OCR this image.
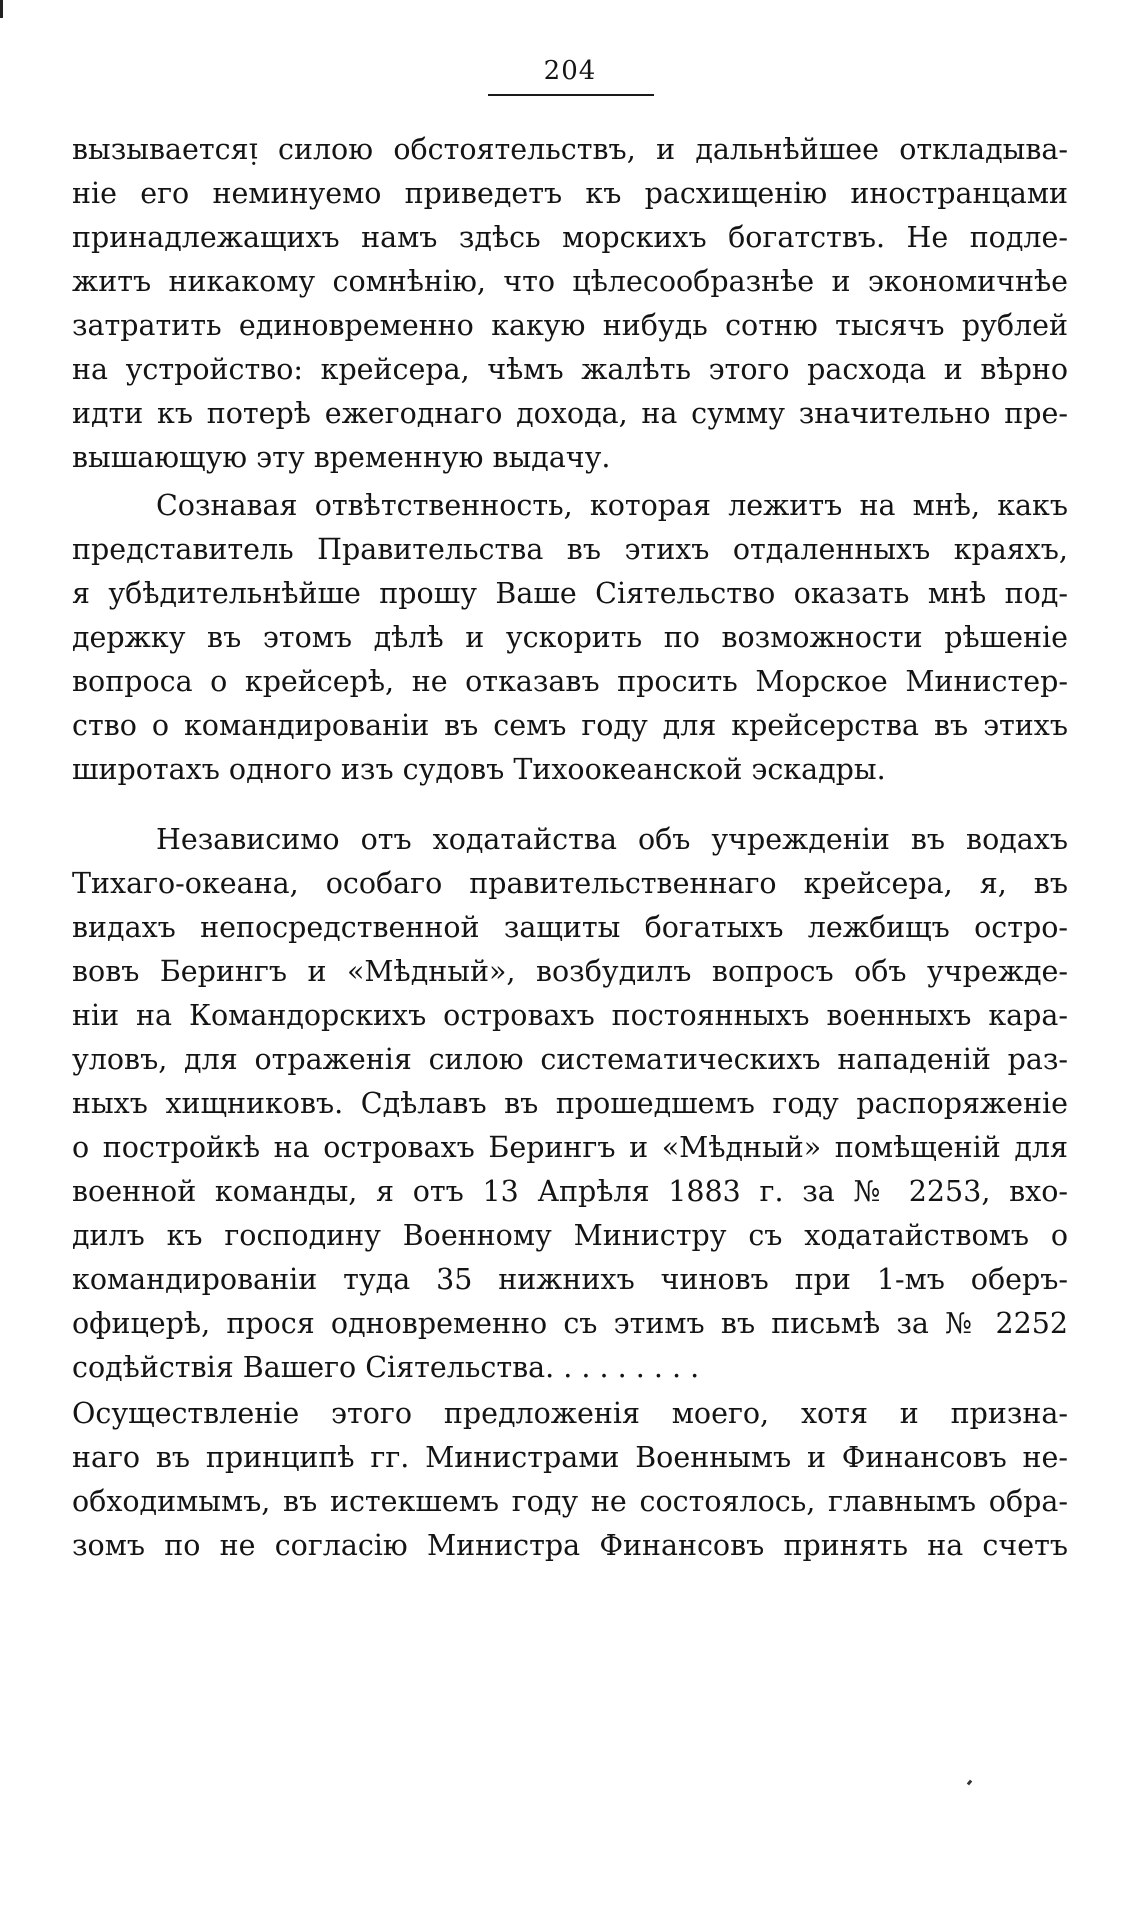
204
вызываетсяᴉ силою обстоятельствъ, и дальнѣйшее откладыва-
ніе его неминуемо приведетъ къ расхищенію иностранцами
принадлежащихъ намъ здѣсь морскихъ богатствъ. Не подле-
житъ никакому сомнѣнію, что цѣлесообразнѣе и экономичнѣе
затратить единовременно какую нибудь сотню тысячъ рублей
на устройство: крейсера, чѣмъ жалѣть этого расхода и вѣрно
идти къ потерѣ ежегоднаго дохода, на сумму значительно пре-
вышающую эту временную выдачу.
Сознавая отвѣтственность, которая лежитъ на мнѣ, какъ
представитель Правительства въ этихъ отдаленныхъ краяхъ,
я убѣдительнѣйше прошу Ваше Сіятельство оказать мнѣ под-
держку въ этомъ дѣлѣ и ускорить по возможности рѣшеніе
вопроса о крейсерѣ, не отказавъ просить Морское Министер-
ство о командированіи въ семъ году для крейсерства въ этихъ
широтахъ одного изъ судовъ Тихоокеанской эскадры.
Независимо отъ ходатайства объ учрежденіи въ водахъ
Тихаго-океана, особаго правительственнаго крейсера, я, въ
видахъ непосредственной защиты богатыхъ лежбищъ остро-
вовъ Берингъ и «Мѣдный», возбудилъ вопросъ объ учрежде-
ніи на Командорскихъ островахъ постоянныхъ военныхъ кара-
уловъ, для отраженія силою систематическихъ нападеній раз-
ныхъ хищниковъ. Сдѣлавъ въ прошедшемъ году распоряженіе
о постройкѣ на островахъ Берингъ и «Мѣдный» помѣщеній для
военной команды, я отъ 13 Апрѣля 1883 г. за № 2253, вхо-
дилъ къ господину Военному Министру съ ходатайствомъ о
командированіи туда 35 нижнихъ чиновъ при 1-мъ оберъ-
офицерѣ, прося одновременно съ этимъ въ письмѣ за № 2252
содѣйствія Вашего Сіятельства. . . . . . . . .
Осуществленіе этого предложенія моего, хотя и призна-
наго въ принципѣ гг. Министрами Военнымъ и Финансовъ не-
обходимымъ, въ истекшемъ году не состоялось, главнымъ обра-
зомъ по не согласію Министра Финансовъ принять на счетъ
